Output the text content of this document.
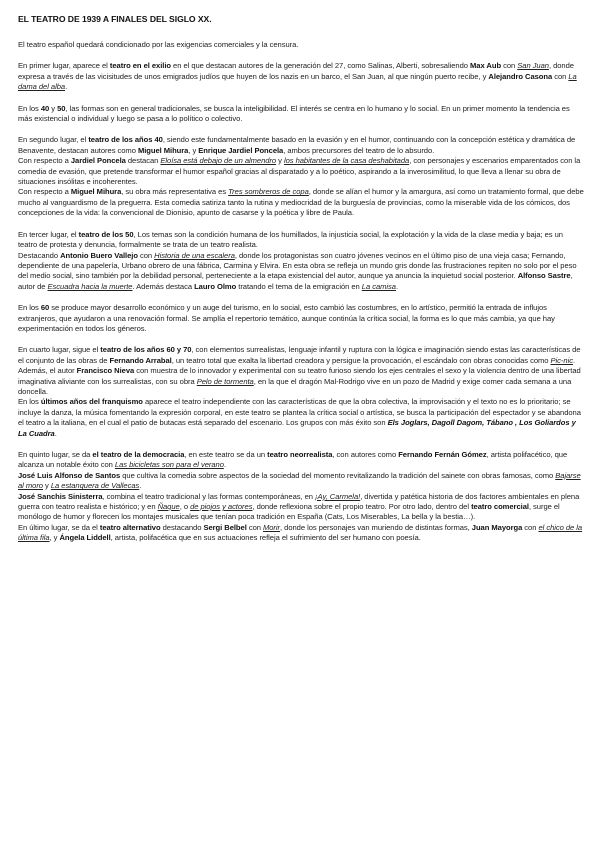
EL TEATRO DE 1939 A FINALES DEL SIGLO XX.

El teatro español quedará condicionado por las exigencias comerciales y la censura.

En primer lugar, aparece el teatro en el exilio en el que destacan autores de la generación del 27, como Salinas, Alberti, sobresaliendo Max Aub con San Juan, donde expresa a través de las vicisitudes de unos emigrados judíos que huyen de los nazis en un barco, el San Juan, al que ningún puerto recibe, y Alejandro Casona con La dama del alba.

En los 40 y 50, las formas son en general tradicionales, se busca la inteligibilidad. El interés se centra en lo humano y lo social. En un primer momento la tendencia es más existencial o individual y luego se pasa a lo político o colectivo.

En segundo lugar, el teatro de los años 40, siendo este fundamentalmente basado en la evasión y en el humor, continuando con la concepción estética y dramática de Benavente, destacan autores como Miguel Mihura, y Enrique Jardiel Poncela, ambos precursores del teatro de lo absurdo.
Con respecto a Jardiel Poncela destacan Eloísa está debajo de un almendro y los habitantes de la casa deshabitada, con personajes y escenarios emparentados con la comedia de evasión, que pretende transformar el humor español gracias al disparatado y a lo poético, aspirando a la inverosimilitud, lo que lleva a llenar su obra de situaciones insólitas e incoherentes.
Con respecto a Miguel Mihura, su obra más representativa es Tres sombreros de copa, donde se alían el humor y la amargura, así como un tratamiento formal, que debe mucho al vanguardismo de la preguerra. Esta comedia satiriza tanto la rutina y mediocridad de la burguesía de provincias, como la miserable vida de los cómicos, dos concepciones de la vida: la convencional de Dionisio, apunto de casarse y la poética y libre de Paula.

En tercer lugar, el teatro de los 50, Los temas son la condición humana de los humillados, la injusticia social, la explotación y la vida de la clase media y baja; es un teatro de protesta y denuncia, formalmente se trata de un teatro realista.
Destacando Antonio Buero Vallejo con Historia de una escalera, donde los protagonistas son cuatro jóvenes vecinos en el último piso de una vieja casa; Fernando, dependiente de una papelería, Urbano obrero de una fábrica, Carmina y Elvira. En esta obra se refleja un mundo gris donde las frustraciones repiten no solo por el peso del medio social, sino también por la debilidad personal, perteneciente a la etapa existencial del autor, aunque ya anuncia la inquietud social posterior. Alfonso Sastre, autor de Escuadra hacia la muerte. Además destaca Lauro Olmo tratando el tema de la emigración en La camisa.

En los 60 se produce mayor desarrollo económico y un auge del turismo, en lo social, esto cambió las costumbres, en lo artístico, permitió la entrada de influjos extranjeros, que ayudaron a una renovación formal. Se amplía el repertorio temático, aunque continúa la crítica social, la forma es lo que más cambia, ya que hay experimentación en todos los géneros.

En cuarto lugar, sigue el teatro de los años 60 y 70, con elementos surrealistas, lenguaje infantil y ruptura con la lógica e imaginación siendo estas las características de el conjunto de las obras de Fernando Arrabal, un teatro total que exalta la libertad creadora y persigue la provocación, el escándalo con obras conocidas como Pic-nic. Además, el autor Francisco Nieva con muestra de lo innovador y experimental con su teatro furioso siendo los ejes centrales el sexo y la violencia dentro de una libertad imaginativa aliviante con los surrealistas, con su obra Pelo de tormenta, en la que el dragón Mal-Rodrigo vive en un pozo de Madrid y exige comer cada semana a una doncella.
En los últimos años del franquismo aparece el teatro independiente con las características de que la obra colectiva, la improvisación y el texto no es lo prioritario; se incluye la danza, la música fomentando la expresión corporal, en este teatro se plantea la crítica social o artística, se busca la participación del espectador y se abandona el teatro a la italiana, en el cual el patio de butacas está separado del escenario. Los grupos con más éxito son Els Joglars, Dagoll Dagom, Tábano , Los Goliardos y La Cuadra.

En quinto lugar, se da el teatro de la democracia, en este teatro se da un teatro neorrealista, con autores como Fernando Fernán Gómez, artista polifacético, que alcanza un notable éxito con Las bicicletas son para el verano.
José Luis Alfonso de Santos que cultiva la comedia sobre aspectos de la sociedad del momento revitalizando la tradición del sainete con obras famosas, como Bajarse al moro y La estanquera de Vallecas.
José Sanchis Sinisterra, combina el teatro tradicional y las formas contemporáneas, en ¡Ay, Carmela!, divertida y patética historia de dos factores ambientales en plena guerra con teatro realista e histórico; y en Ñaque, o de piojos y actores, donde reflexiona sobre el propio teatro. Por otro lado, dentro del teatro comercial, surge el monólogo de humor y florecen los montajes musicales que tenían poca tradición en España (Cats, Los Miserables, La bella y la bestia…).
En último lugar, se da el teatro alternativo destacando Sergi Belbel con Morir, donde los personajes van muriendo de distintas formas, Juan Mayorga con el chico de la última fila, y Ángela Liddell, artista, polifacética que en sus actuaciones refleja el sufrimiento del ser humano con poesía.
